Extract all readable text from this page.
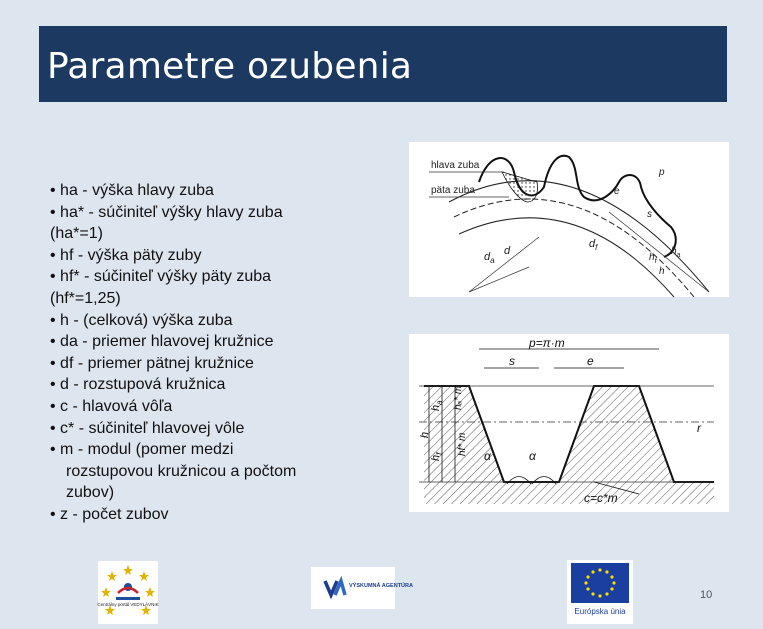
Parametre ozubenia
• ha - výška hlavy zuba
• ha* - súčiniteľ výšky hlavy zuba
(ha*=1)
• hf - výška päty zuby
• hf* - súčiniteľ výšky päty zuba
(hf*=1,25)
• h - (celková) výška zuba
• da - priemer hlavovej kružnice
• df - priemer pätnej kružnice
• d - rozstupová kružnica
• c - hlavová vôľa
• c* - súčiniteľ hlavovej vôle
• m - modul (pomer medzi
rozstupovou kružnicou a počtom
zubov)
• z - počet zubov
hlava zuba
päta zuba
p
e
s
d
$d_a$
$d_f$	$h_a$
$h_f$
h
p=π·m
s	e
h
$h_a$
$h_f$
hₐ* m
hf* m
α	α
r
c=c*m
Centrálny portál VEDYLÁVNIK
VÝSKUMNÁ AGENTÚRA
Európska únia
10
